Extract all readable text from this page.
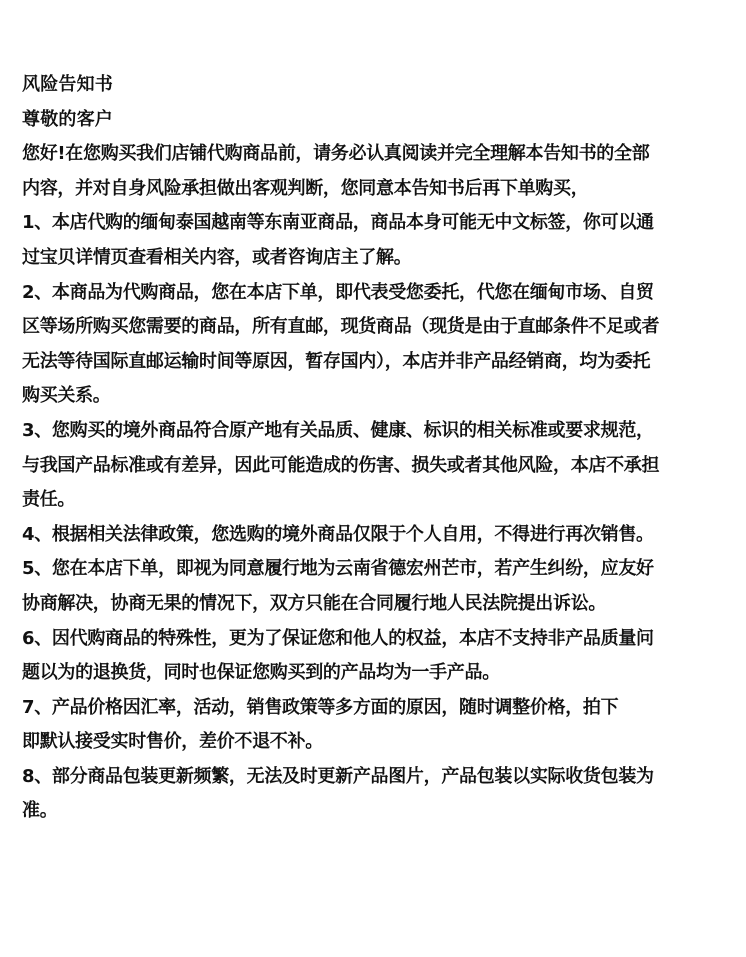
风险告知书

尊敬的客户

您好!在您购买我们店铺代购商品前，请务必认真阅读并完全理解本告知书的全部

内容，并对自身风险承担做出客观判断，您同意本告知书后再下单购买，

1、本店代购的缅甸泰国越南等东南亚商品，商品本身可能无中文标签，你可以通

过宝贝详情页查看相关内容，或者咨询店主了解。

2、本商品为代购商品，您在本店下单，即代表受您委托，代您在缅甸市场、自贸

区等场所购买您需要的商品，所有直邮，现货商品（现货是由于直邮条件不足或者

无法等待国际直邮运输时间等原因，暂存国内），本店并非产品经销商，均为委托

购买关系。

3、您购买的境外商品符合原产地有关品质、健康、标识的相关标准或要求规范，

与我国产品标准或有差异，因此可能造成的伤害、损失或者其他风险，本店不承担

责任。

4、根据相关法律政策，您选购的境外商品仅限于个人自用，不得进行再次销售。

5、您在本店下单，即视为同意履行地为云南省德宏州芒市，若产生纠纷，应友好

协商解决，协商无果的情况下，双方只能在合同履行地人民法院提出诉讼。

6、因代购商品的特殊性，更为了保证您和他人的权益，本店不支持非产品质量问

题以为的退换货，同时也保证您购买到的产品均为一手产品。

7、产品价格因汇率，活动，销售政策等多方面的原因，随时调整价格，拍下

即默认接受实时售价，差价不退不补。

8、部分商品包装更新频繁，无法及时更新产品图片，产品包装以实际收货包装为

准。
